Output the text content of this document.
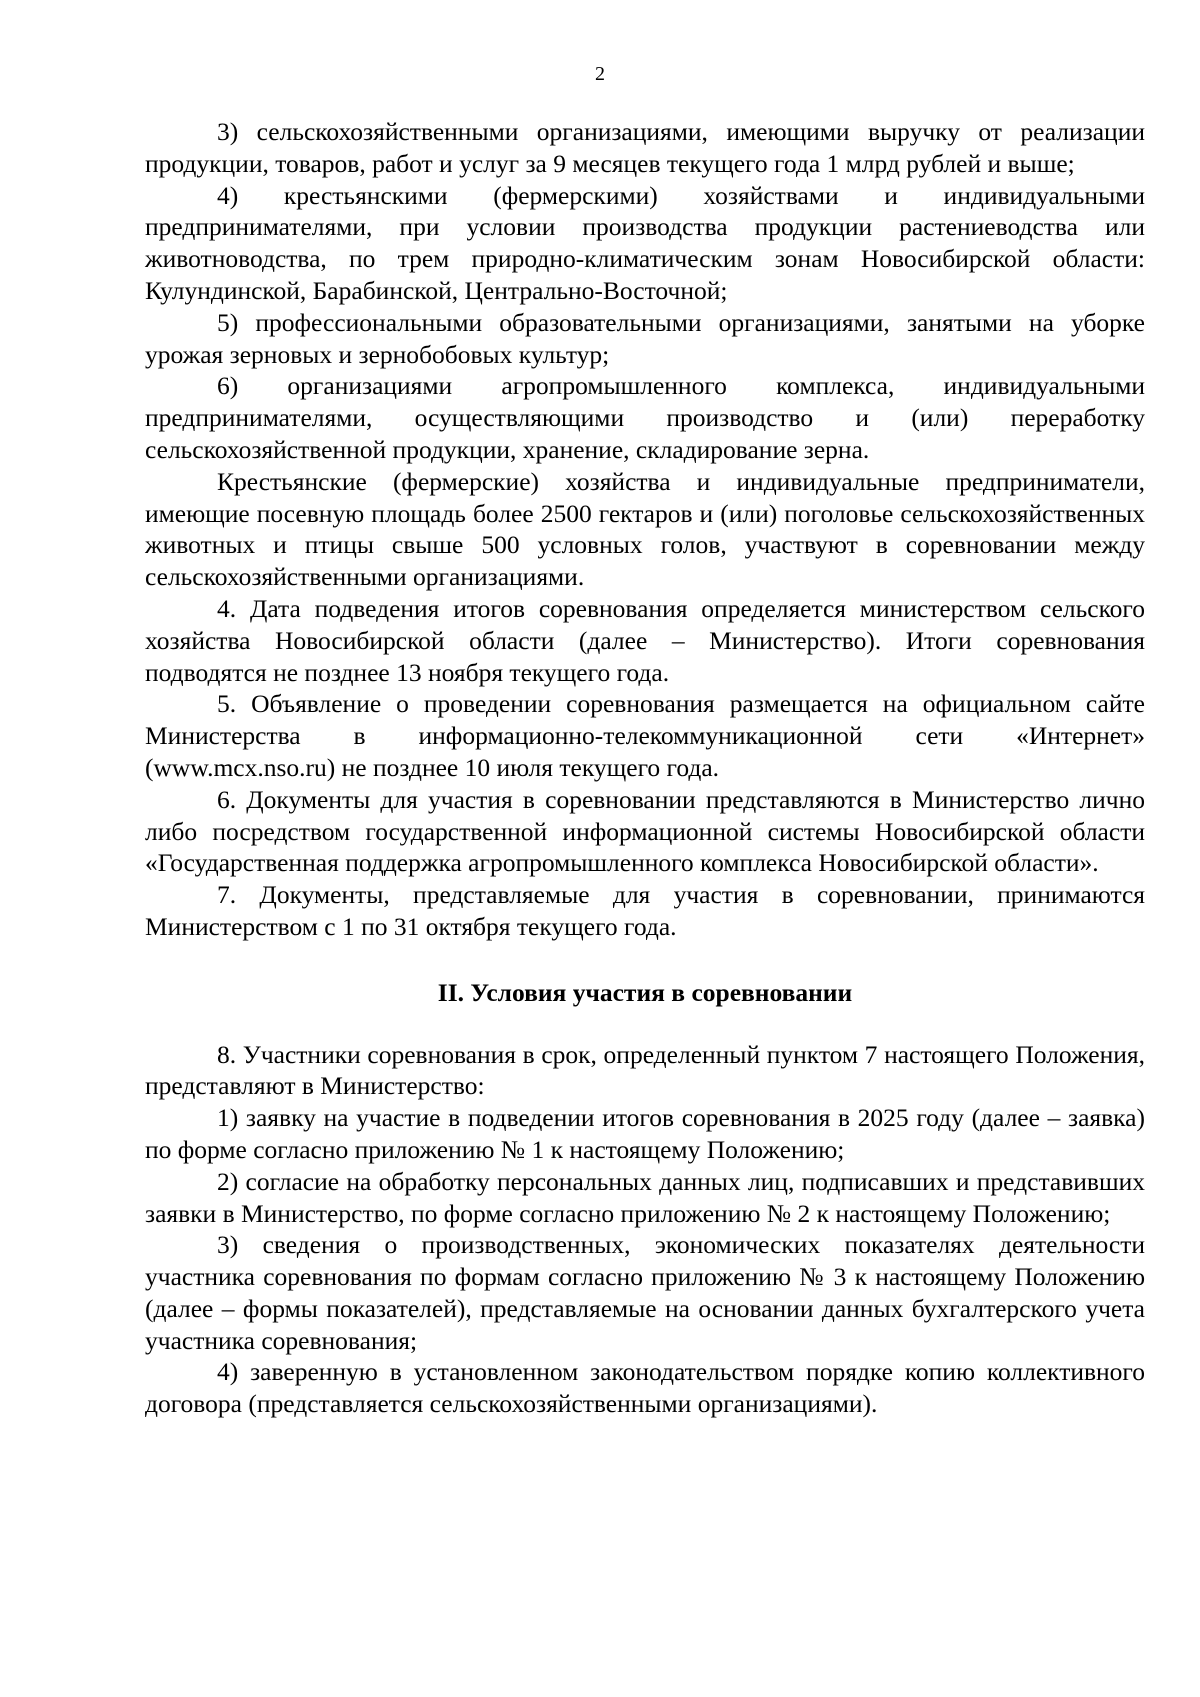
2

3) сельскохозяйственными организациями, имеющими выручку от реализации продукции, товаров, работ и услуг за 9 месяцев текущего года 1 млрд рублей и выше;

4) крестьянскими (фермерскими) хозяйствами и индивидуальными предпринимателями, при условии производства продукции растениеводства или животноводства, по трем природно-климатическим зонам Новосибирской области: Кулундинской, Барабинской, Центрально-Восточной;

5) профессиональными образовательными организациями, занятыми на уборке урожая зерновых и зернобобовых культур;

6) организациями агропромышленного комплекса, индивидуальными предпринимателями, осуществляющими производство и (или) переработку сельскохозяйственной продукции, хранение, складирование зерна.

Крестьянские (фермерские) хозяйства и индивидуальные предприниматели, имеющие посевную площадь более 2500 гектаров и (или) поголовье сельскохозяйственных животных и птицы свыше 500 условных голов, участвуют в соревновании между сельскохозяйственными организациями.

4. Дата подведения итогов соревнования определяется министерством сельского хозяйства Новосибирской области (далее – Министерство). Итоги соревнования подводятся не позднее 13 ноября текущего года.

5. Объявление о проведении соревнования размещается на официальном сайте Министерства в информационно-телекоммуникационной сети «Интернет» (www.mcx.nso.ru) не позднее 10 июля текущего года.

6. Документы для участия в соревновании представляются в Министерство лично либо посредством государственной информационной системы Новосибирской области «Государственная поддержка агропромышленного комплекса Новосибирской области».

7. Документы, представляемые для участия в соревновании, принимаются Министерством с 1 по 31 октября текущего года.

II. Условия участия в соревновании

8. Участники соревнования в срок, определенный пунктом 7 настоящего Положения, представляют в Министерство:

1) заявку на участие в подведении итогов соревнования в 2025 году (далее – заявка) по форме согласно приложению № 1 к настоящему Положению;

2) согласие на обработку персональных данных лиц, подписавших и представивших заявки в Министерство, по форме согласно приложению № 2 к настоящему Положению;

3) сведения о производственных, экономических показателях деятельности участника соревнования по формам согласно приложению № 3 к настоящему Положению (далее – формы показателей), представляемые на основании данных бухгалтерского учета участника соревнования;

4) заверенную в установленном законодательством порядке копию коллективного договора (представляется сельскохозяйственными организациями).
